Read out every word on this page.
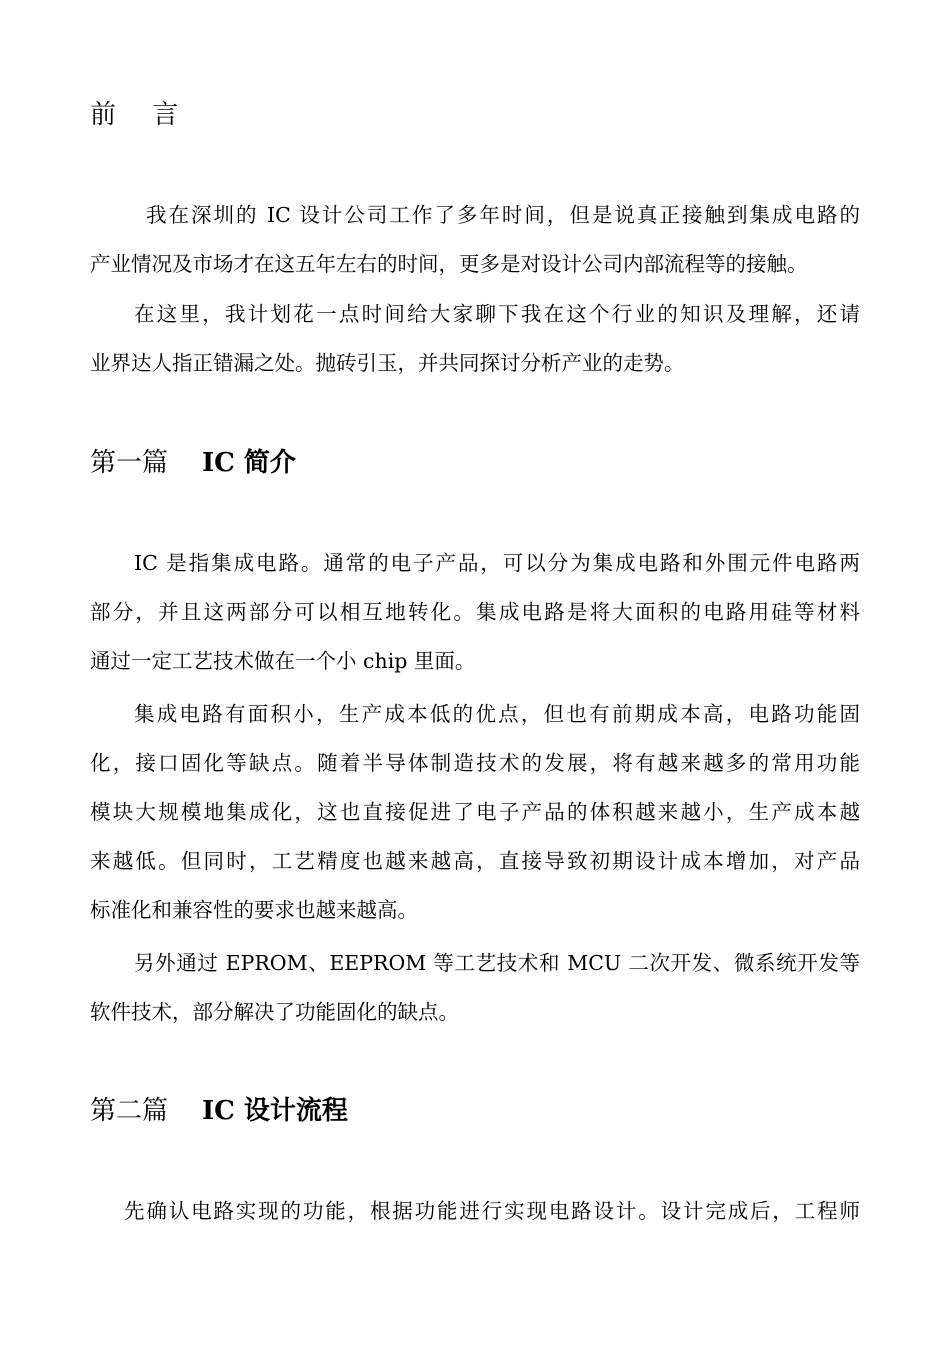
前 言
我在深圳的 IC 设计公司工作了多年时间，但是说真正接触到集成电路的
产业情况及市场才在这五年左右的时间，更多是对设计公司内部流程等的接触。
在这里，我计划花一点时间给大家聊下我在这个行业的知识及理解，还请
业界达人指正错漏之处。抛砖引玉，并共同探讨分析产业的走势。
第一篇 IC 简介
IC 是指集成电路。通常的电子产品，可以分为集成电路和外围元件电路两
部分，并且这两部分可以相互地转化。集成电路是将大面积的电路用硅等材料
通过一定工艺技术做在一个小 chip 里面。
集成电路有面积小，生产成本低的优点，但也有前期成本高，电路功能固
化，接口固化等缺点。随着半导体制造技术的发展，将有越来越多的常用功能
模块大规模地集成化，这也直接促进了电子产品的体积越来越小，生产成本越
来越低。但同时，工艺精度也越来越高，直接导致初期设计成本增加，对产品
标准化和兼容性的要求也越来越高。
另外通过 EPROM、EEPROM 等工艺技术和 MCU 二次开发、微系统开发等
软件技术，部分解决了功能固化的缺点。
第二篇 IC 设计流程
先确认电路实现的功能，根据功能进行实现电路设计。设计完成后，工程师
